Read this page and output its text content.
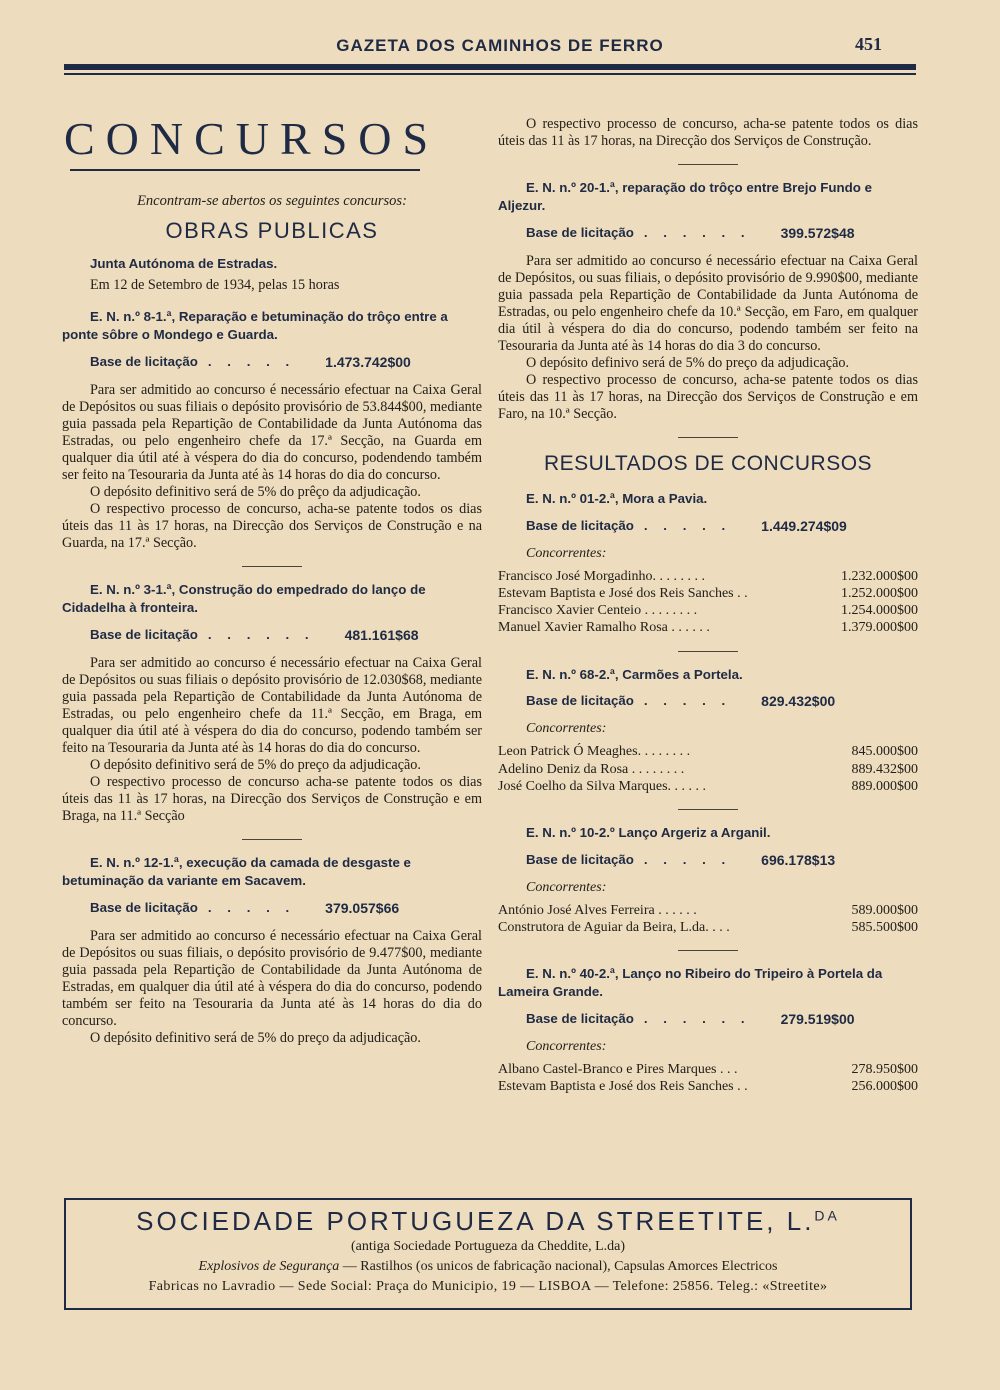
GAZETA DOS CAMINHOS DE FERRO	451
CONCURSOS
Encontram-se abertos os seguintes concursos:
OBRAS PUBLICAS
Junta Autónoma de Estradas.
Em 12 de Setembro de 1934, pelas 15 horas
E. N. n.º 8-1.ª, Reparação e betuminação do trôço entre a ponte sôbre o Mondego e Guarda.
Base de licitação . . . . . 1.473.742$00

Para ser admitido ao concurso é necessário efectuar na Caixa Geral de Depósitos ou suas filiais o depósito provisório de 53.844$00, mediante guia passada pela Repartição de Contabilidade da Junta Autónoma das Estradas, ou pelo engenheiro chefe da 17.ª Secção, na Guarda em qualquer dia útil até à véspera do dia do concurso, podendendo também ser feito na Tesouraria da Junta até às 14 horas do dia do concurso.

O depósito definitivo será de 5% do prêço da adjudicação.

O respectivo processo de concurso, acha-se patente todos os dias úteis das 11 às 17 horas, na Direcção dos Serviços de Construção e na Guarda, na 17.ª Secção.

E. N. n.º 3-1.ª, Construção do empedrado do lanço de Cidadelha à fronteira.
Base de licitação . . . . . . 481.161$68

Para ser admitido ao concurso é necessário efectuar na Caixa Geral de Depósitos ou suas filiais o depósito provisório de 12.030$68, mediante guia passada pela Repartição de Contabilidade da Junta Autónoma de Estradas, ou pelo engenheiro chefe da 11.ª Secção, em Braga, em qualquer dia útil até à véspera do dia do concurso, podendo também ser feito na Tesouraria da Junta até às 14 horas do dia do concurso.

O depósito definitivo será de 5% do preço da adjudicação.

O respectivo processo de concurso acha-se patente todos os dias úteis das 11 às 17 horas, na Direcção dos Serviços de Construção e em Braga, na 11.ª Secção

E. N. n.º 12-1.ª, execução da camada de desgaste e betuminação da variante em Sacavem.
Base de licitação . . . . . 379.057$66

Para ser admitido ao concurso é necessário efectuar na Caixa Geral de Depósitos ou suas filiais, o depósito provisório de 9.477$00, mediante guia passada pela Repartição de Contabilidade da Junta Autónoma de Estradas, em qualquer dia útil até à véspera do dia do concurso, podendo também ser feito na Tesouraria da Junta até às 14 horas do dia do concurso.

O depósito definitivo será de 5% do preço da adjudicação.

O respectivo processo de concurso, acha-se patente todos os dias úteis das 11 às 17 horas, na Direcção dos Serviços de Construção.

E. N. n.º 20-1.ª, reparação do trôço entre Brejo Fundo e Aljezur.
Base de licitação . . . . . . 399.572$48

Para ser admitido ao concurso é necessário efectuar na Caixa Geral de Depósitos, ou suas filiais, o depósito provisório de 9.990$00, mediante guia passada pela Repartição de Contabilidade da Junta Autónoma de Estradas, ou pelo engenheiro chefe da 10.ª Secção, em Faro, em qualquer dia útil à véspera do dia do concurso, podendo também ser feito na Tesouraria da Junta até às 14 horas do dia 3 do concurso.

O depósito definivo será de 5% do preço da adjudicação.

O respectivo processo de concurso, acha-se patente todos os dias úteis das 11 às 17 horas, na Direcção dos Serviços de Construção e em Faro, na 10.ª Secção.

RESULTADOS DE CONCURSOS
E. N. n.º 01-2.ª, Mora a Pavia.
Base de licitação . . . . . 1.449.274$09
Concorrentes:
Francisco José Morgadinho. . . . . . . .	1.232.000$00
Estevam Baptista e José dos Reis Sanches . .	1.252.000$00
Francisco Xavier Centeio . . . . . . . .	1.254.000$00
Manuel Xavier Ramalho Rosa . . . . . .	1.379.000$00
E. N. n.º 68-2.ª, Carmões a Portela.
Base de licitação . . . . . 829.432$00
Concorrentes:
Leon Patrick Ó Meaghes. . . . . . . .	845.000$00
Adelino Deniz da Rosa . . . . . . . .	889.432$00
José Coelho da Silva Marques. . . . . .	889.000$00
E. N. n.º 10-2.º Lanço Argeriz a Arganil.
Base de licitação . . . . . 696.178$13
Concorrentes:
António José Alves Ferreira . . . . . .	589.000$00
Construtora de Aguiar da Beira, L.da. . . .	585.500$00
E. N. n.º 40-2.ª, Lanço no Ribeiro do Tripeiro à Portela da Lameira Grande.
Base de licitação . . . . . . 279.519$00
Concorrentes:
Albano Castel-Branco e Pires Marques . . .	278.950$00
Estevam Baptista e José dos Reis Sanches . .	256.000$00
SOCIEDADE PORTUGUEZA DA STREETITE, L.$^{DA}$
(antiga Sociedade Portugueza da Cheddite, L.da)
Explosivos de Segurança — Rastilhos (os unicos de fabricação nacional), Capsulas Amorces Electricos
Fabricas no Lavradio — Sede Social: Praça do Municipio, 19 — LISBOA — Telefone: 25856. Teleg.: «Streetite»
